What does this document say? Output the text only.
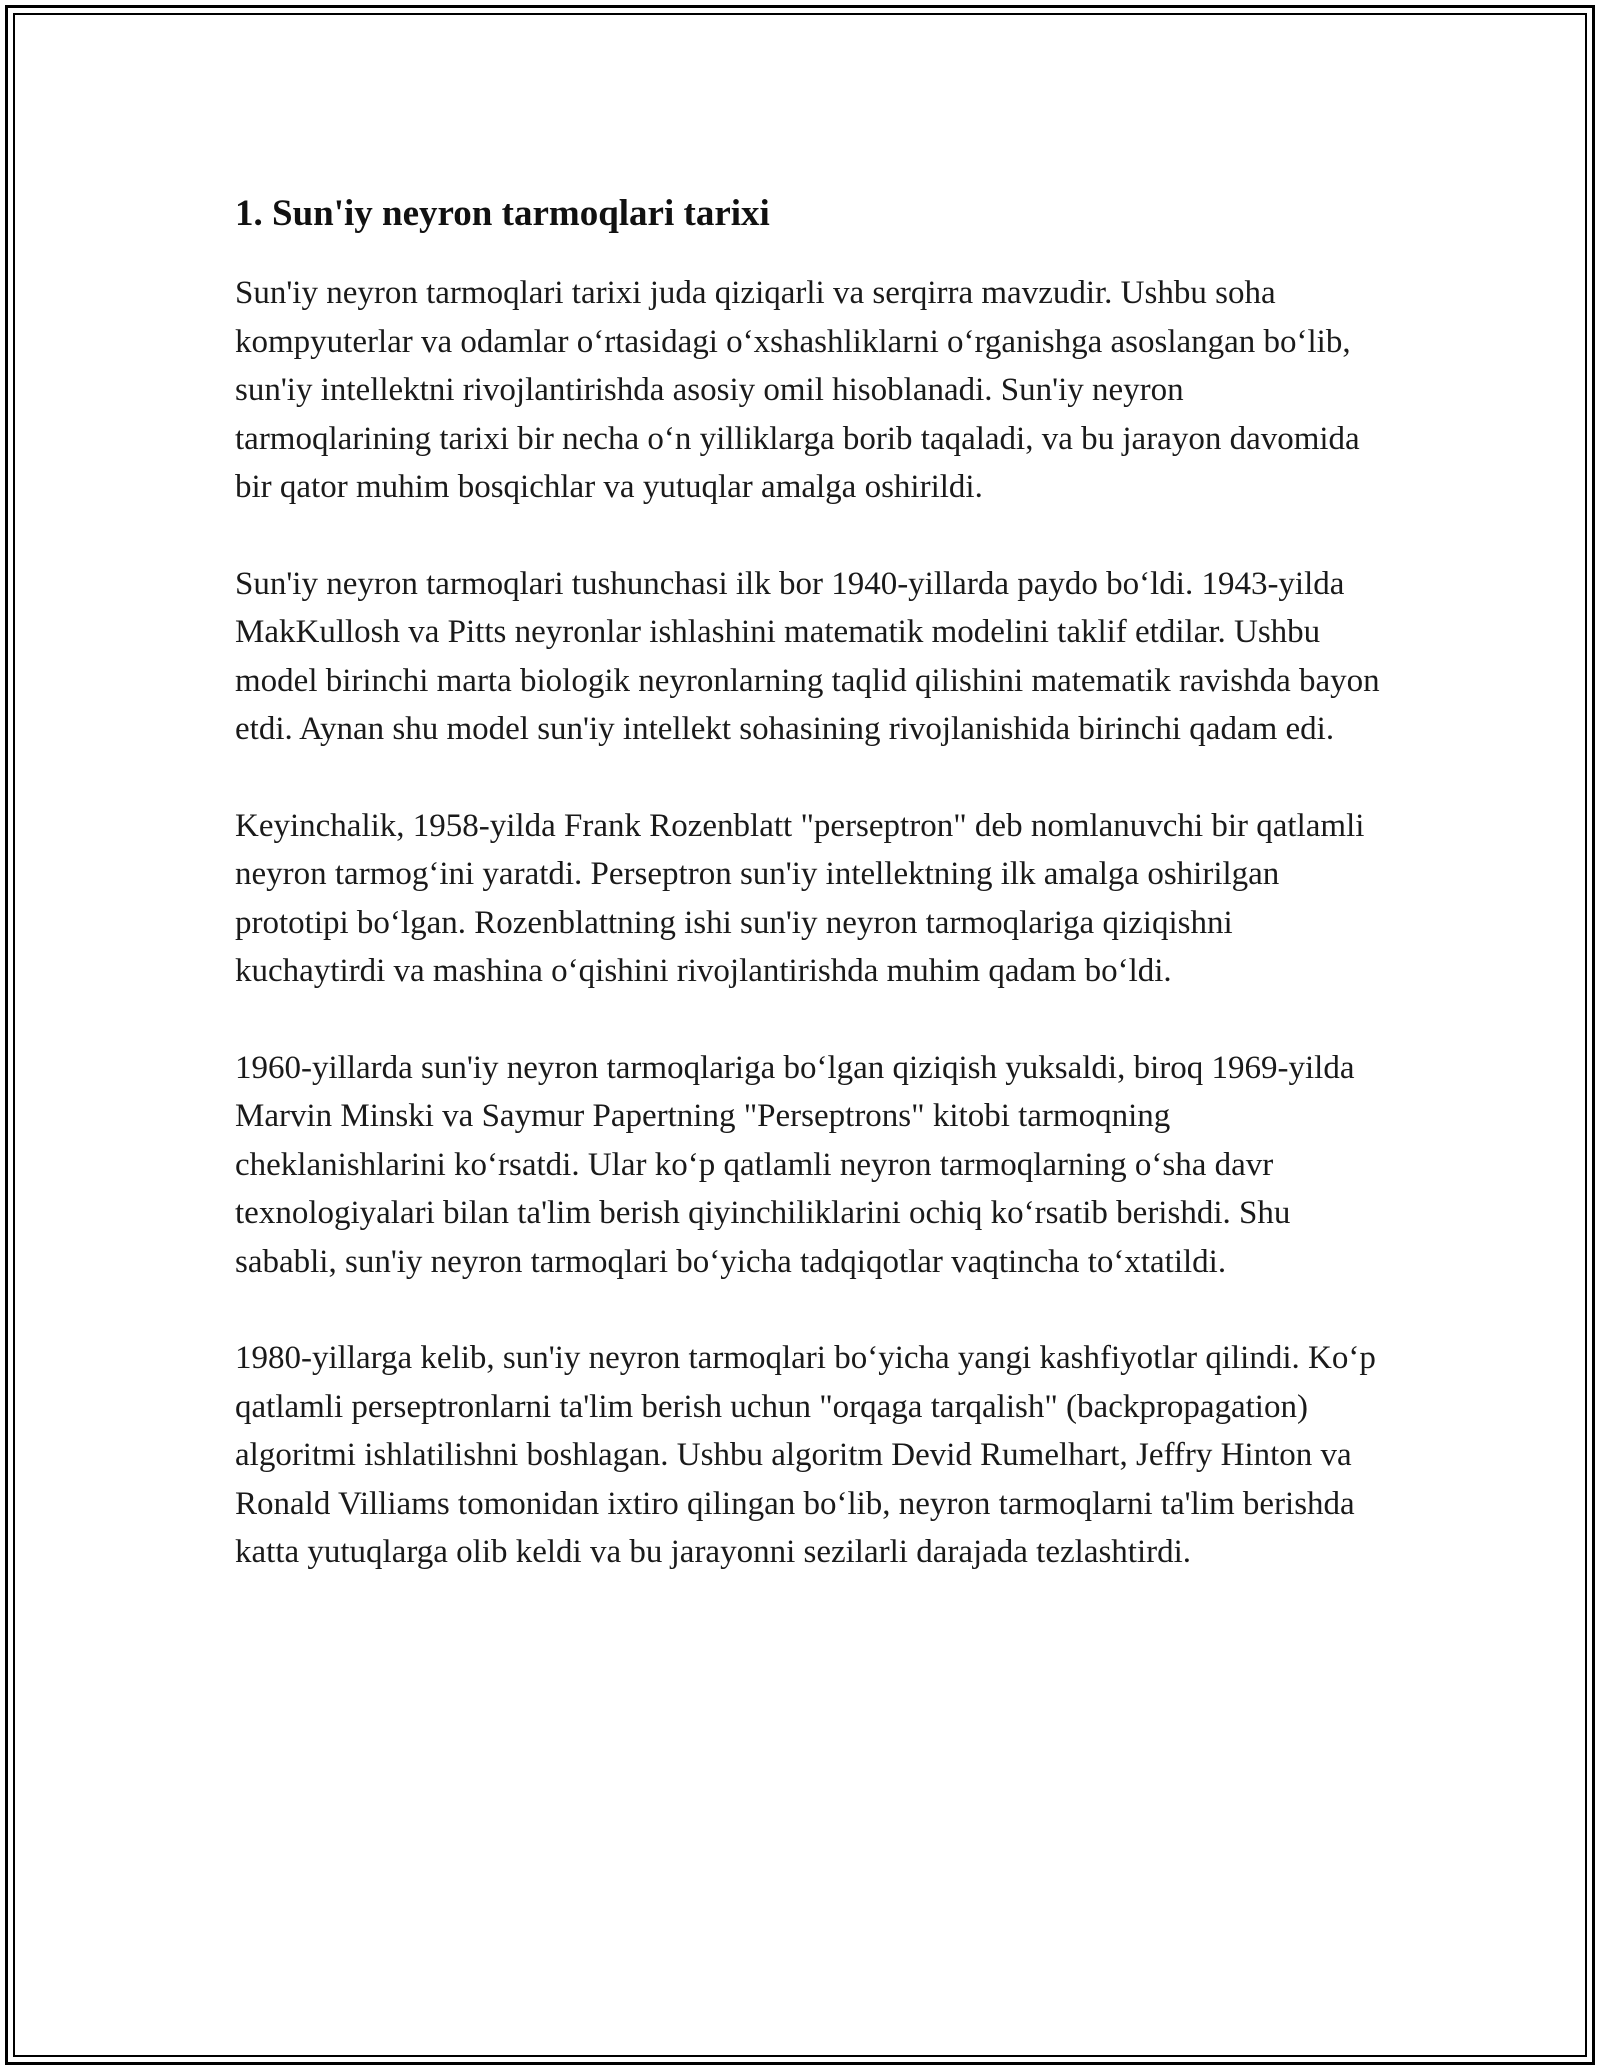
1. Sun'iy neyron tarmoqlari tarixi

Sun'iy neyron tarmoqlari tarixi juda qiziqarli va serqirra mavzudir. Ushbu soha kompyuterlar va odamlar o‘rtasidagi o‘xshashliklarni o‘rganishga asoslangan bo‘lib, sun'iy intellektni rivojlantirishda asosiy omil hisoblanadi. Sun'iy neyron tarmoqlarining tarixi bir necha o‘n yilliklarga borib taqaladi, va bu jarayon davomida bir qator muhim bosqichlar va yutuqlar amalga oshirildi.

Sun'iy neyron tarmoqlari tushunchasi ilk bor 1940-yillarda paydo bo‘ldi. 1943-yilda MakKullosh va Pitts neyronlar ishlashini matematik modelini taklif etdilar. Ushbu model birinchi marta biologik neyronlarning taqlid qilishini matematik ravishda bayon etdi. Aynan shu model sun'iy intellekt sohasining rivojlanishida birinchi qadam edi.

Keyinchalik, 1958-yilda Frank Rozenblatt "perseptron" deb nomlanuvchi bir qatlamli neyron tarmog‘ini yaratdi. Perseptron sun'iy intellektning ilk amalga oshirilgan prototipi bo‘lgan. Rozenblattning ishi sun'iy neyron tarmoqlariga qiziqishni kuchaytirdi va mashina o‘qishini rivojlantirishda muhim qadam bo‘ldi.

1960-yillarda sun'iy neyron tarmoqlariga bo‘lgan qiziqish yuksaldi, biroq 1969-yilda Marvin Minski va Saymur Papertning "Perseptrons" kitobi tarmoqning cheklanishlarini ko‘rsatdi. Ular ko‘p qatlamli neyron tarmoqlarning o‘sha davr texnologiyalari bilan ta'lim berish qiyinchiliklarini ochiq ko‘rsatib berishdi. Shu sababli, sun'iy neyron tarmoqlari bo‘yicha tadqiqotlar vaqtincha to‘xtatildi.

1980-yillarga kelib, sun'iy neyron tarmoqlari bo‘yicha yangi kashfiyotlar qilindi. Ko‘p qatlamli perseptronlarni ta'lim berish uchun "orqaga tarqalish" (backpropagation) algoritmi ishlatilishni boshlagan. Ushbu algoritm Devid Rumelhart, Jeffry Hinton va Ronald Villiams tomonidan ixtiro qilingan bo‘lib, neyron tarmoqlarni ta'lim berishda katta yutuqlarga olib keldi va bu jarayonni sezilarli darajada tezlashtirdi.
